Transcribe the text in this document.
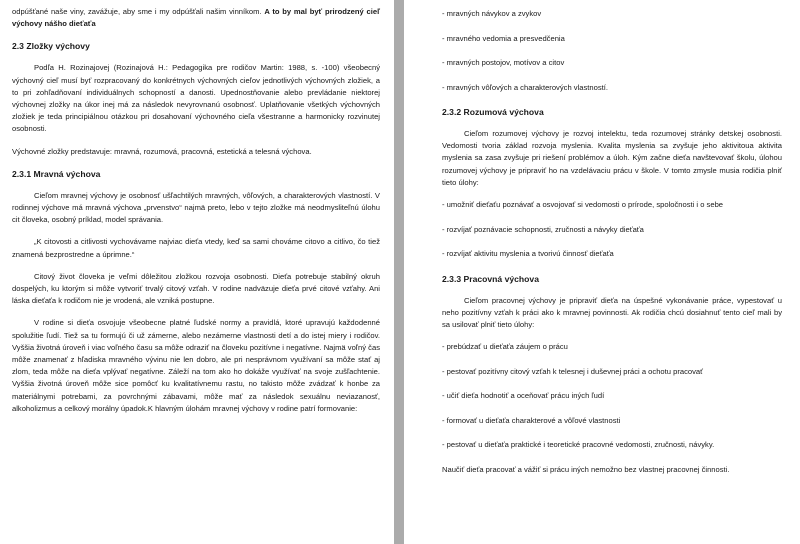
odpúšťané naše viny, zavážuje, aby sme i my odpúšťali našim vinníkom. A to by mal byť prirodzený cieľ výchovy nášho dieťaťa

2.3 Zložky výchovy

Podľa H. Rozinajovej (Rozinajová H.: Pedagogika pre rodičov Martin: 1988, s. -100) všeobecný výchovný cieľ musí byť rozpracovaný do konkrétnych výchovných cieľov jednotlivých výchovných zložiek, a to pri zohľadňovaní individuálnych schopností a danosti. Upednostňovanie alebo prevládanie niektorej výchovnej zložky na úkor inej má za následok nevyrovnanú osobnosť. Uplatňovanie všetkých výchovných zložiek je teda principiálnou otázkou pri dosahovaní výchovného cieľa všestranne a harmonicky rozvinutej osobnosti.

Výchovné zložky predstavuje: mravná, rozumová, pracovná, estetická a telesná výchova.

2.3.1 Mravná výchova

Cieľom mravnej výchovy je osobnosť ušľachtilých mravných, vôľových, a charakterových vlastností. V rodinnej výchove má mravná výchova „prvenstvo“ najmä preto, lebo v tejto zložke má neodmysliteľnú úlohu cit človeka, osobný príklad, model správania.

„K citovosti a citlivosti vychovávame najviac dieťa vtedy, keď sa sami chováme citovo a citlivo, čo tiež znamená bezprostredne a úprimne.“

Citový život človeka je veľmi dôležitou zložkou rozvoja osobnosti. Dieťa potrebuje stabilný okruh dospelých, ku ktorým si môže vytvoriť trvalý citový vzťah. V rodine nadväzuje dieťa prvé citové vzťahy. Ani láska dieťaťa k rodičom nie je vrodená, ale vzniká postupne.

V rodine si dieťa osvojuje všeobecne platné ľudské normy a pravidlá, ktoré upravujú každodenné spolužitie ľudí. Tiež sa tu formujú či už zámerne, alebo nezámerne vlastnosti detí a do istej miery i rodičov. Vyššia životná úroveň i viac voľného času sa môže odraziť na človeku pozitívne i negatívne. Najmä voľný čas môže znamenať z hľadiska mravného vývinu nie len dobro, ale pri nesprávnom využívaní sa môže stať aj zlom, teda môže na dieťa vplývať negatívne. Záleží na tom ako ho dokáže využívať na svoje zušľachtenie. Vyššia životná úroveň môže sice pomôcť ku kvalitatívnemu rastu, no takisto môže zvádzať k honbe za materiálnymi potrebami, za povrchnými zábavami, môže mať za následok sexuálnu neviazanosť, alkoholizmus a celkový morálny úpadok.K hlavným úlohám mravnej výchovy v rodine patrí formovanie:

- mravných návykov a zvykov
- mravného vedomia a presvedčenia
- mravných postojov, motívov a citov
- mravných vôľových a charakterových vlastností.
2.3.2 Rozumová výchova

Cieľom rozumovej výchovy je rozvoj intelektu, teda rozumovej stránky detskej osobnosti. Vedomosti tvoria základ rozvoja myslenia. Kvalita myslenia sa zvyšuje jeho aktivitoua aktivita myslenia sa zasa zvyšuje pri riešení problémov a úloh. Kým začne dieťa navštevovať školu, úlohou rozumovej výchovy je pripraviť ho na vzdelávaciu prácu v škole. V tomto zmysle musia rodičia plniť tieto úlohy:

- umožniť dieťaťu poznávať a osvojovať si vedomosti o prírode, spoločnosti i o sebe
- rozvíjať poznávacie schopnosti, zručnosti a návyky dieťaťa
- rozvíjať aktivitu myslenia a tvorivú činnosť dieťaťa
2.3.3 Pracovná výchova

Cieľom pracovnej výchovy je pripraviť dieťa na úspešné vykonávanie práce, vypestovať u neho pozitívny vzťah k práci ako k mravnej povinnosti. Ak rodičia chcú dosiahnuť tento cieľ mali by sa usilovať plniť tieto úlohy:

- prebúdzať u dieťaťa záujem o prácu
- pestovať pozitívny citový vzťah k telesnej i duševnej práci a ochotu pracovať
- učiť dieťa hodnotiť a oceňovať prácu iných ľudí
- formovať u dieťaťa charakterové a vôľové vlastnosti
- pestovať u dieťaťa praktické i teoretické pracovné vedomosti, zručnosti, návyky.

Naučiť dieťa pracovať a vážiť si prácu iných nemožno bez vlastnej pracovnej činnosti.
